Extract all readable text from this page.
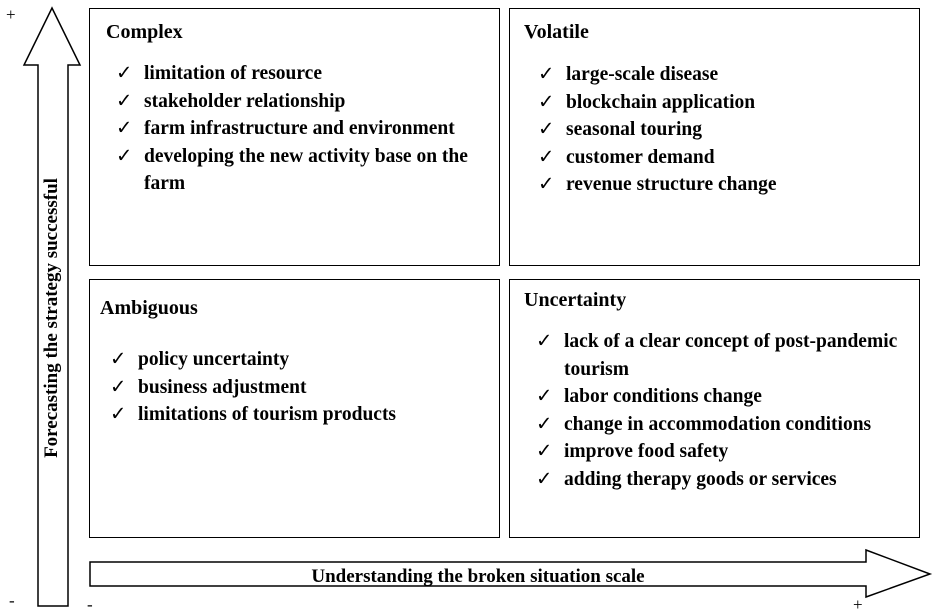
+
-	-	+
Forecasting the strategy successful
Understanding the broken situation scale
Complex
✓ limitation of resource
✓ stakeholder relationship
✓ farm infrastructure and environment
✓ developing the new activity base on the farm
Volatile
✓ large-scale disease
✓ blockchain application
✓ seasonal touring
✓ customer demand
✓ revenue structure change
Ambiguous
✓ policy uncertainty
✓ business adjustment
✓ limitations of tourism products
Uncertainty
✓ lack of a clear concept of post-pandemic tourism
✓ labor conditions change
✓ change in accommodation conditions
✓ improve food safety
✓ adding therapy goods or services
